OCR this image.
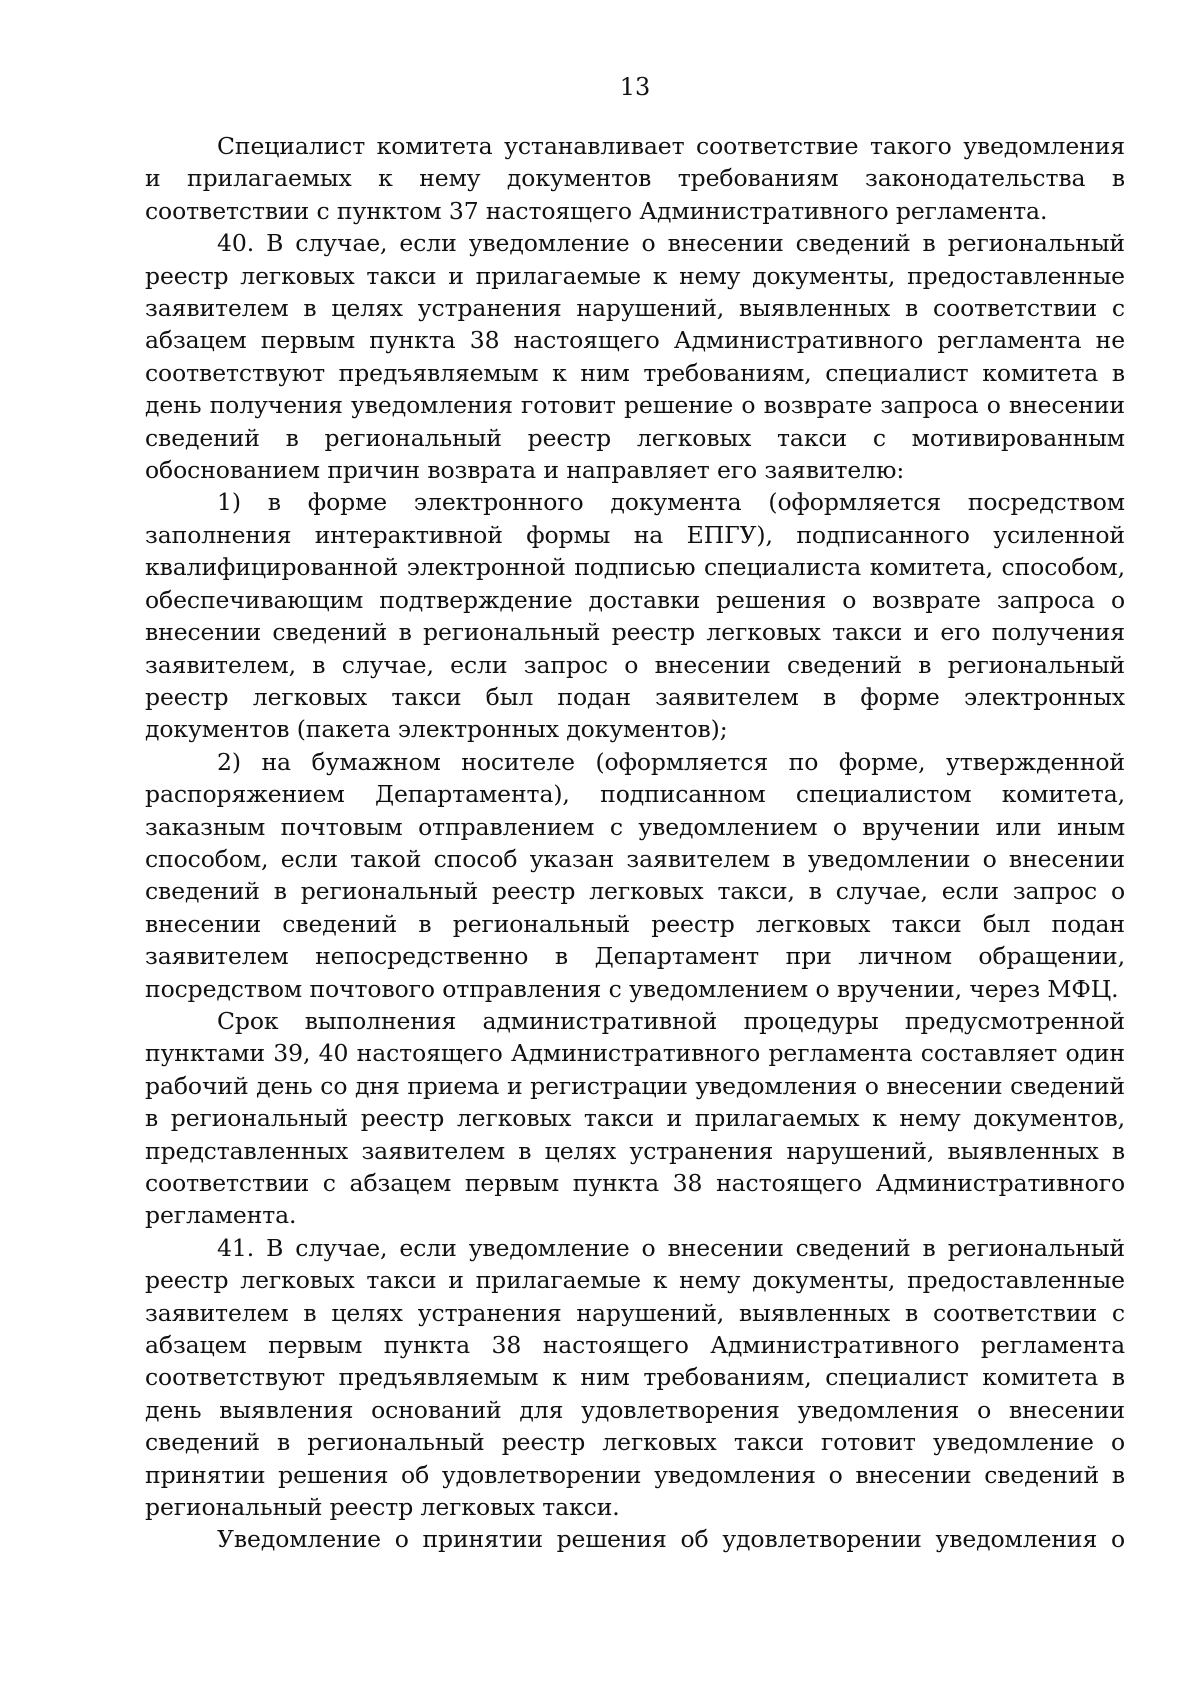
13

Специалист комитета устанавливает соответствие такого уведомления и прилагаемых к нему документов требованиям законодательства в соответствии с пунктом 37 настоящего Административного регламента.

40. В случае, если уведомление о внесении сведений в региональный реестр легковых такси и прилагаемые к нему документы, предоставленные заявителем в целях устранения нарушений, выявленных в соответствии с абзацем первым пункта 38 настоящего Административного регламента не соответствуют предъявляемым к ним требованиям, специалист комитета в день получения уведомления готовит решение о возврате запроса о внесении сведений в региональный реестр легковых такси с мотивированным обоснованием причин возврата и направляет его заявителю:

1) в форме электронного документа (оформляется посредством заполнения интерактивной формы на ЕПГУ), подписанного усиленной квалифицированной электронной подписью специалиста комитета, способом, обеспечивающим подтверждение доставки решения о возврате запроса о внесении сведений в региональный реестр легковых такси и его получения заявителем, в случае, если запрос о внесении сведений в региональный реестр легковых такси был подан заявителем в форме электронных документов (пакета электронных документов);

2) на бумажном носителе (оформляется по форме, утвержденной распоряжением Департамента), подписанном специалистом комитета, заказным почтовым отправлением с уведомлением о вручении или иным способом, если такой способ указан заявителем в уведомлении о внесении сведений в региональный реестр легковых такси, в случае, если запрос о внесении сведений в региональный реестр легковых такси был подан заявителем непосредственно в Департамент при личном обращении, посредством почтового отправления с уведомлением о вручении, через МФЦ.

Срок выполнения административной процедуры предусмотренной пунктами 39, 40 настоящего Административного регламента составляет один рабочий день со дня приема и регистрации уведомления о внесении сведений в региональный реестр легковых такси и прилагаемых к нему документов, представленных заявителем в целях устранения нарушений, выявленных в соответствии с абзацем первым пункта 38 настоящего Административного регламента.

41. В случае, если уведомление о внесении сведений в региональный реестр легковых такси и прилагаемые к нему документы, предоставленные заявителем в целях устранения нарушений, выявленных в соответствии с абзацем первым пункта 38 настоящего Административного регламента соответствуют предъявляемым к ним требованиям, специалист комитета в день выявления оснований для удовлетворения уведомления о внесении сведений в региональный реестр легковых такси готовит уведомление о принятии решения об удовлетворении уведомления о внесении сведений в региональный реестр легковых такси.

Уведомление о принятии решения об удовлетворении уведомления о
